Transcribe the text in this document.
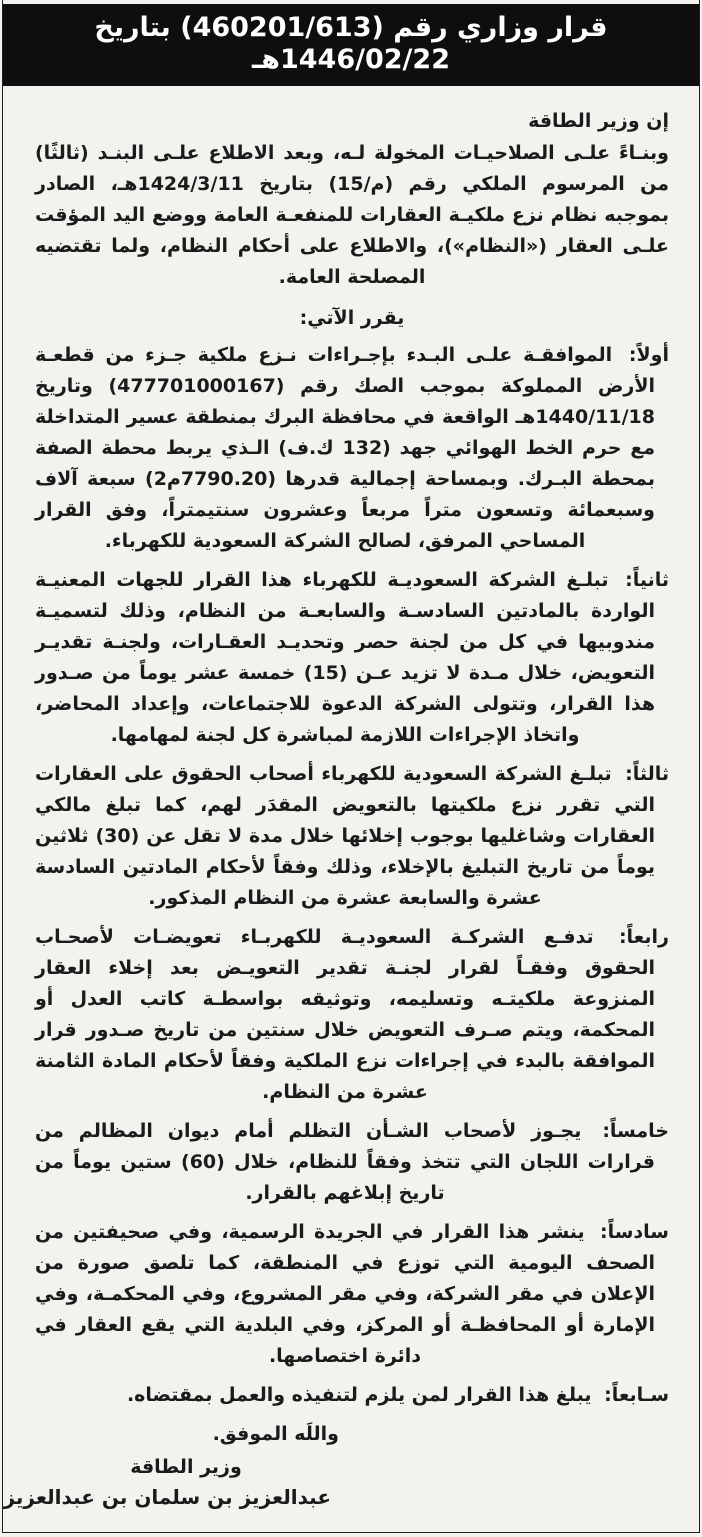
قرار وزاري رقم (460201/613) بتاريخ 1446/02/22هـ

إن وزير الطاقة

وبنـاءً علـى الصلاحيـات المخولة لـه، وبعد الاطلاع علـى البنـد (ثالثًا) من المرسوم الملكي رقم (م/15) بتاريخ 1424/3/11هـ، الصادر بموجبه نظام نزع ملكيـة العقارات للمنفعـة العامة ووضع اليد المؤقت علـى العقار («النظام»)، والاطلاع على أحكام النظام، ولما تقتضيه المصلحة العامة.

يقرر الآتي:

أولاً: الموافقـة علـى البـدء بإجـراءات نـزع ملكية جـزء من قطعـة الأرض المملوكة بموجب الصك رقم (477701000167) وتاريخ 1440/11/18هـ الواقعة في محافظة البرك بمنطقة عسير المتداخلة مع حرم الخط الهوائي جهد (132 ك.ف) الـذي يربط محطة الصفة بمحطة البـرك. وبمساحة إجمالية قدرها (7790.20م2) سبعة آلاف وسبعمائة وتسعون متراً مربعاً وعشرون سنتيمتراً، وفق القرار المساحي المرفق، لصالح الشركة السعودية للكهرباء.

ثانياً: تبلـغ الشركة السعوديـة للكهرباء هذا القرار للجهات المعنيـة الواردة بالمادتين السادسـة والسابعـة من النظام، وذلك لتسميـة مندوبيها في كل من لجنة حصر وتحديـد العقـارات، ولجنـة تقديـر التعويض، خلال مـدة لا تزيد عـن (15) خمسة عشر يوماً من صـدور هذا القرار، وتتولى الشركة الدعوة للاجتماعات، وإعداد المحاضر، واتخاذ الإجراءات اللازمة لمباشرة كل لجنة لمهامها.

ثالثاً: تبلـغ الشركة السعودية للكهرباء أصحاب الحقوق على العقارات التي تقرر نزع ملكيتها بالتعويض المقدَر لهم، كما تبلغ مالكي العقارات وشاغليها بوجوب إخلائها خلال مدة لا تقل عن (30) ثلاثين يوماً من تاريخ التبليغ بالإخلاء، وذلك وفقاً لأحكام المادتين السادسة عشرة والسابعة عشرة من النظام المذكور.

رابعاً: تدفـع الشركـة السعوديـة للكهربـاء تعويضـات لأصحـاب الحقوق وفقـاً لقرار لجنـة تقدير التعويـض بعد إخلاء العقار المنزوعة ملكيتـه وتسليمه، وتوثيقه بواسطـة كاتب العدل أو المحكمة، ويتم صـرف التعويض خلال سنتين من تاريخ صـدور قرار الموافقة بالبدء في إجراءات نزع الملكية وفقاً لأحكام المادة الثامنة عشرة من النظام.

خامساً: يجـوز لأصحاب الشـأن التظلم أمام ديوان المظالم من قرارات اللجان التي تتخذ وفقاً للنظام، خلال (60) ستين يوماً من تاريخ إبلاغهم بالقرار.

سادساً: ينشر هذا القرار في الجريدة الرسمية، وفي صحيفتين من الصحف اليومية التي توزع في المنطقة، كما تلصق صورة من الإعلان في مقر الشركة، وفي مقر المشروع، وفي المحكمـة، وفي الإمارة أو المحافظـة أو المركز، وفي البلدية التي يقع العقار في دائرة اختصاصها.

سـابعاً: يبلغ هذا القرار لمن يلزم لتنفيذه والعمل بمقتضاه.

واللَه الموفق.

وزير الطاقة

عبدالعزيز بن سلمان بن عبدالعزيز
